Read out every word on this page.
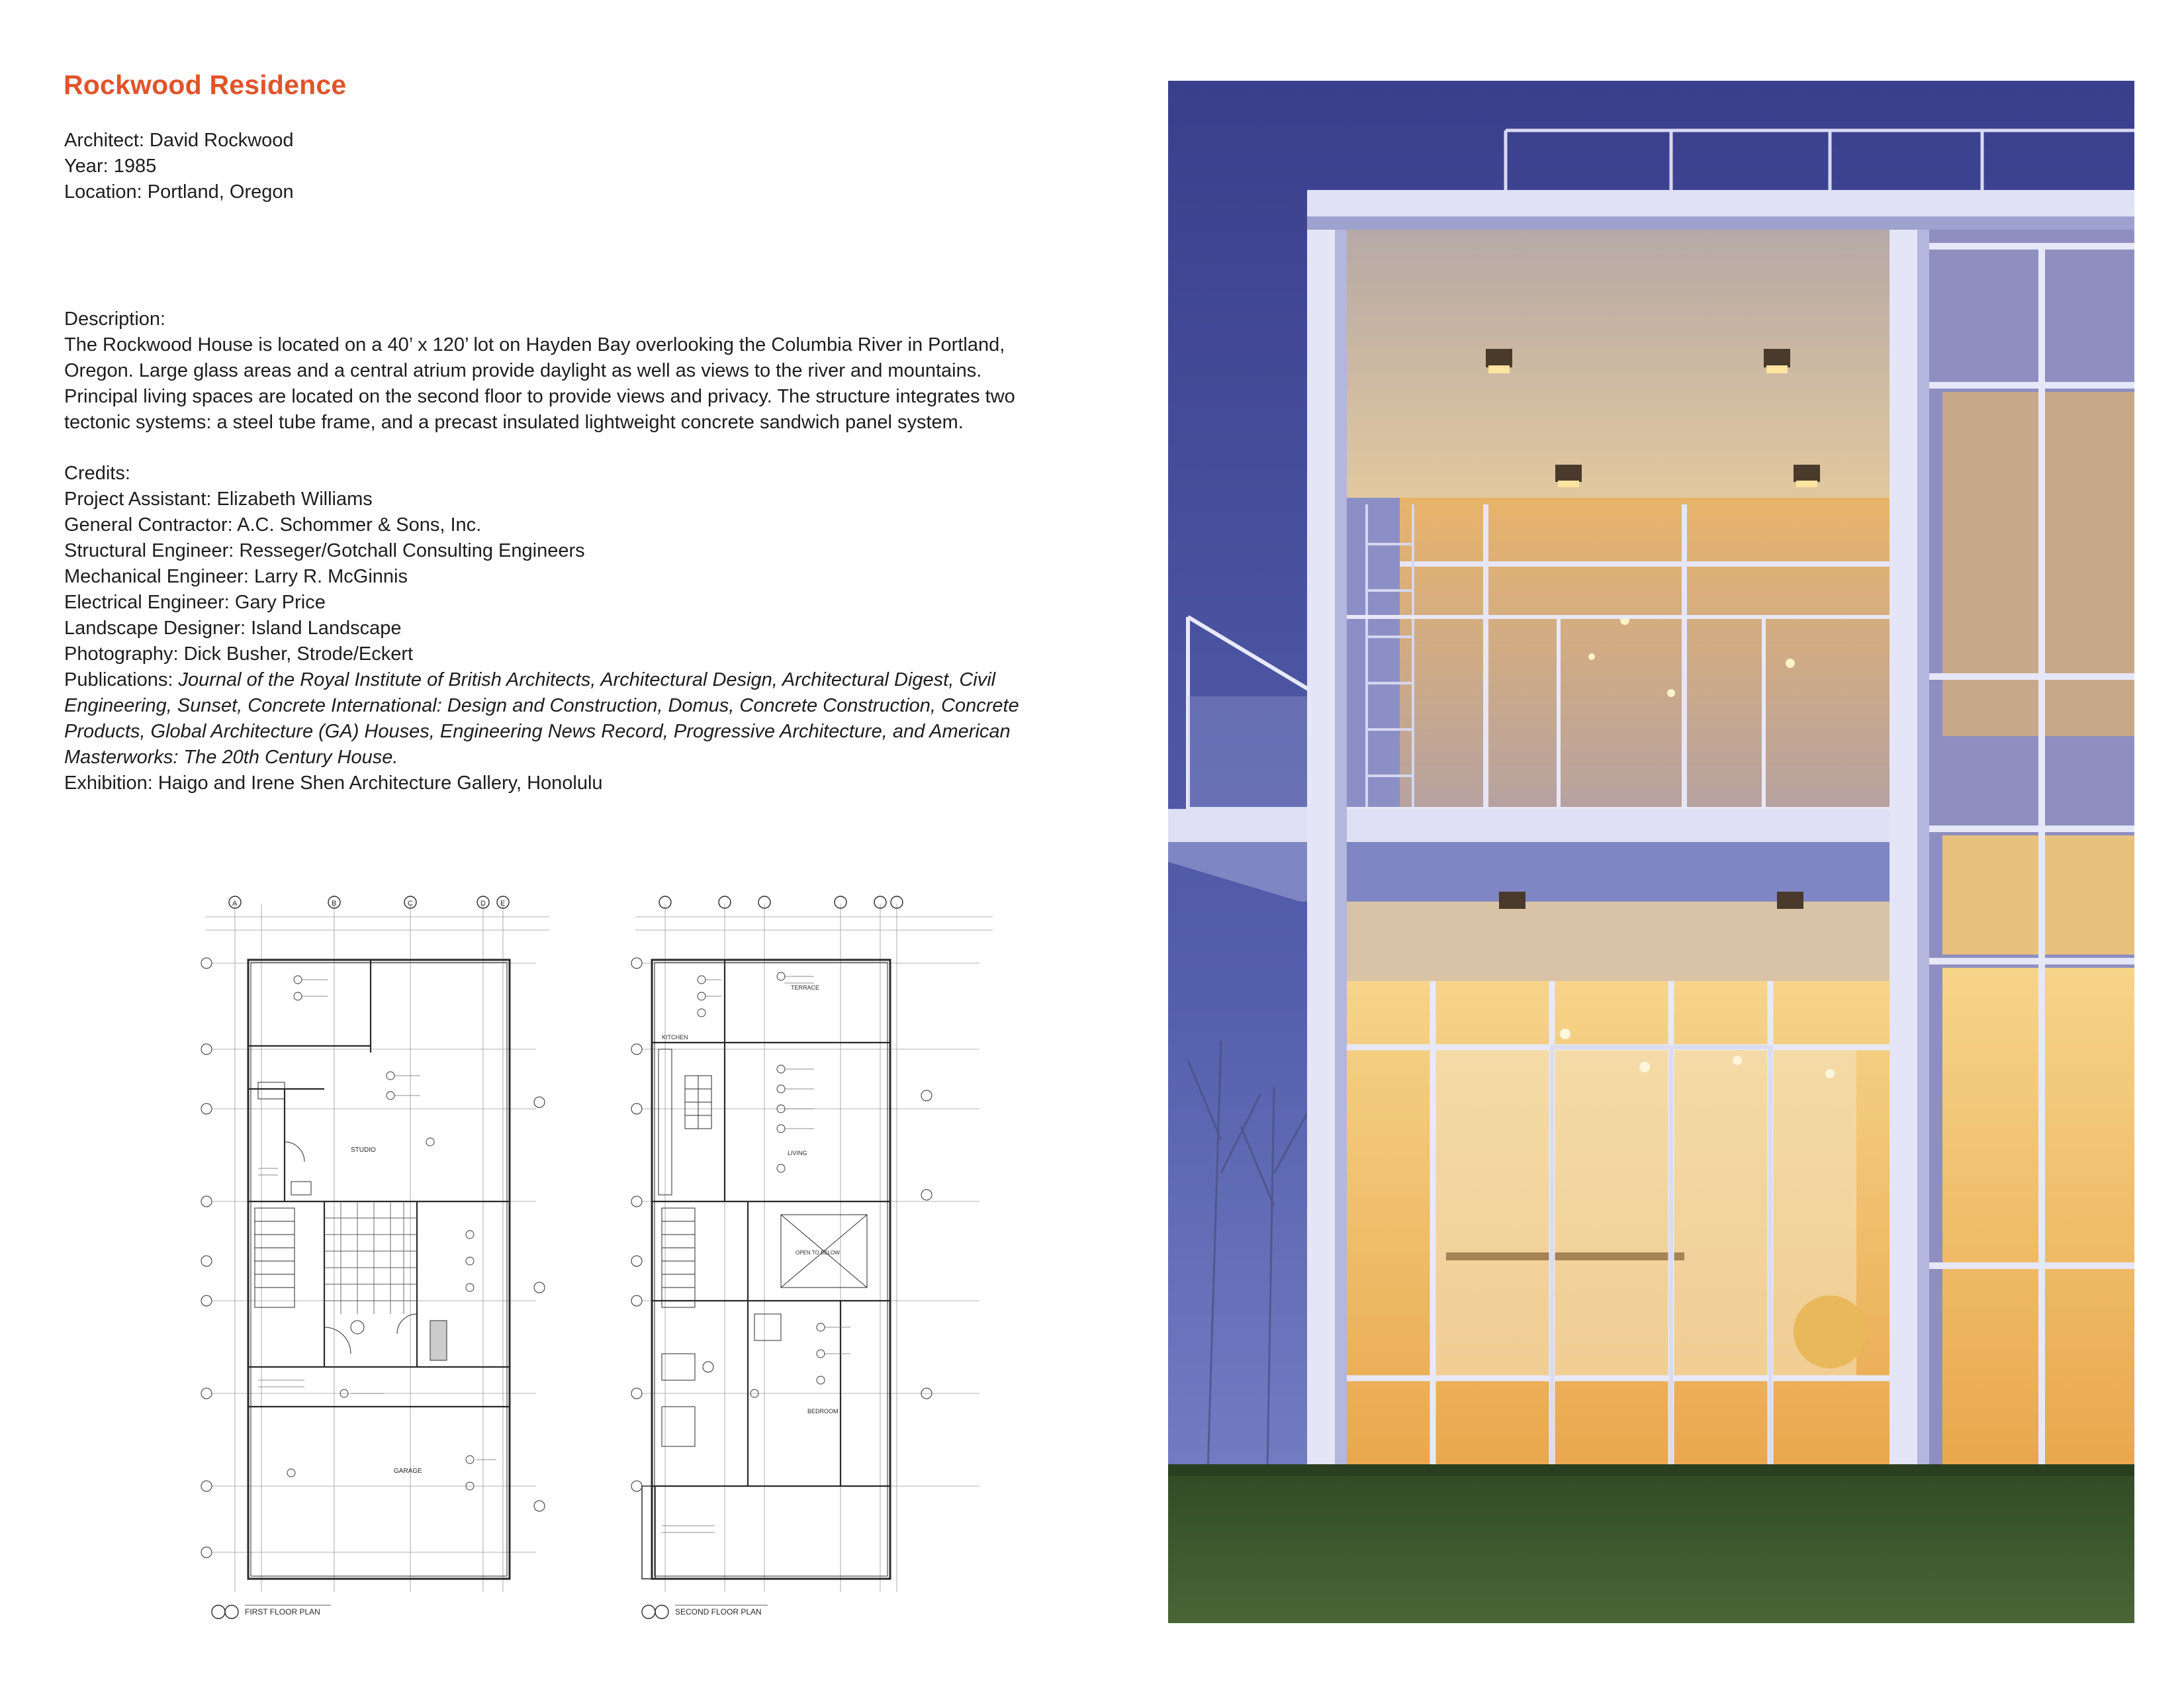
Rockwood Residence
Architect: David Rockwood
Year: 1985
Location: Portland, Oregon
Description:

The Rockwood House is located on a 40’ x 120’ lot on Hayden Bay overlooking the Columbia River in Portland, Oregon. Large glass areas and a central atrium provide daylight as well as views to the river and mountains. Principal living spaces are located on the second floor to provide views and privacy. The structure integrates two tectonic systems: a steel tube frame, and a precast insulated lightweight concrete sandwich panel system.

Credits:
Project Assistant: Elizabeth Williams
General Contractor: A.C. Schommer & Sons, Inc.
Structural Engineer: Resseger/Gotchall Consulting Engineers
Mechanical Engineer: Larry R. McGinnis
Electrical Engineer: Gary Price
Landscape Designer: Island Landscape
Photography: Dick Busher, Strode/Eckert
Publications: Journal of the Royal Institute of British Architects, Architectural Design, Architectural Digest, Civil Engineering, Sunset, Concrete International: Design and Construction, Domus, Concrete Construction, Concrete Products, Global Architecture (GA) Houses, Engineering News Record, Progressive Architecture, and American Masterworks: The 20th Century House.
Exhibition: Haigo and Irene Shen Architecture Gallery, Honolulu
A	B	C	D E
STUDIO
GARAGE
FIRST FLOOR PLAN
KITCHEN
TERRACE
LIVING
OPEN TO BELOW
BEDROOM
SECOND FLOOR PLAN
